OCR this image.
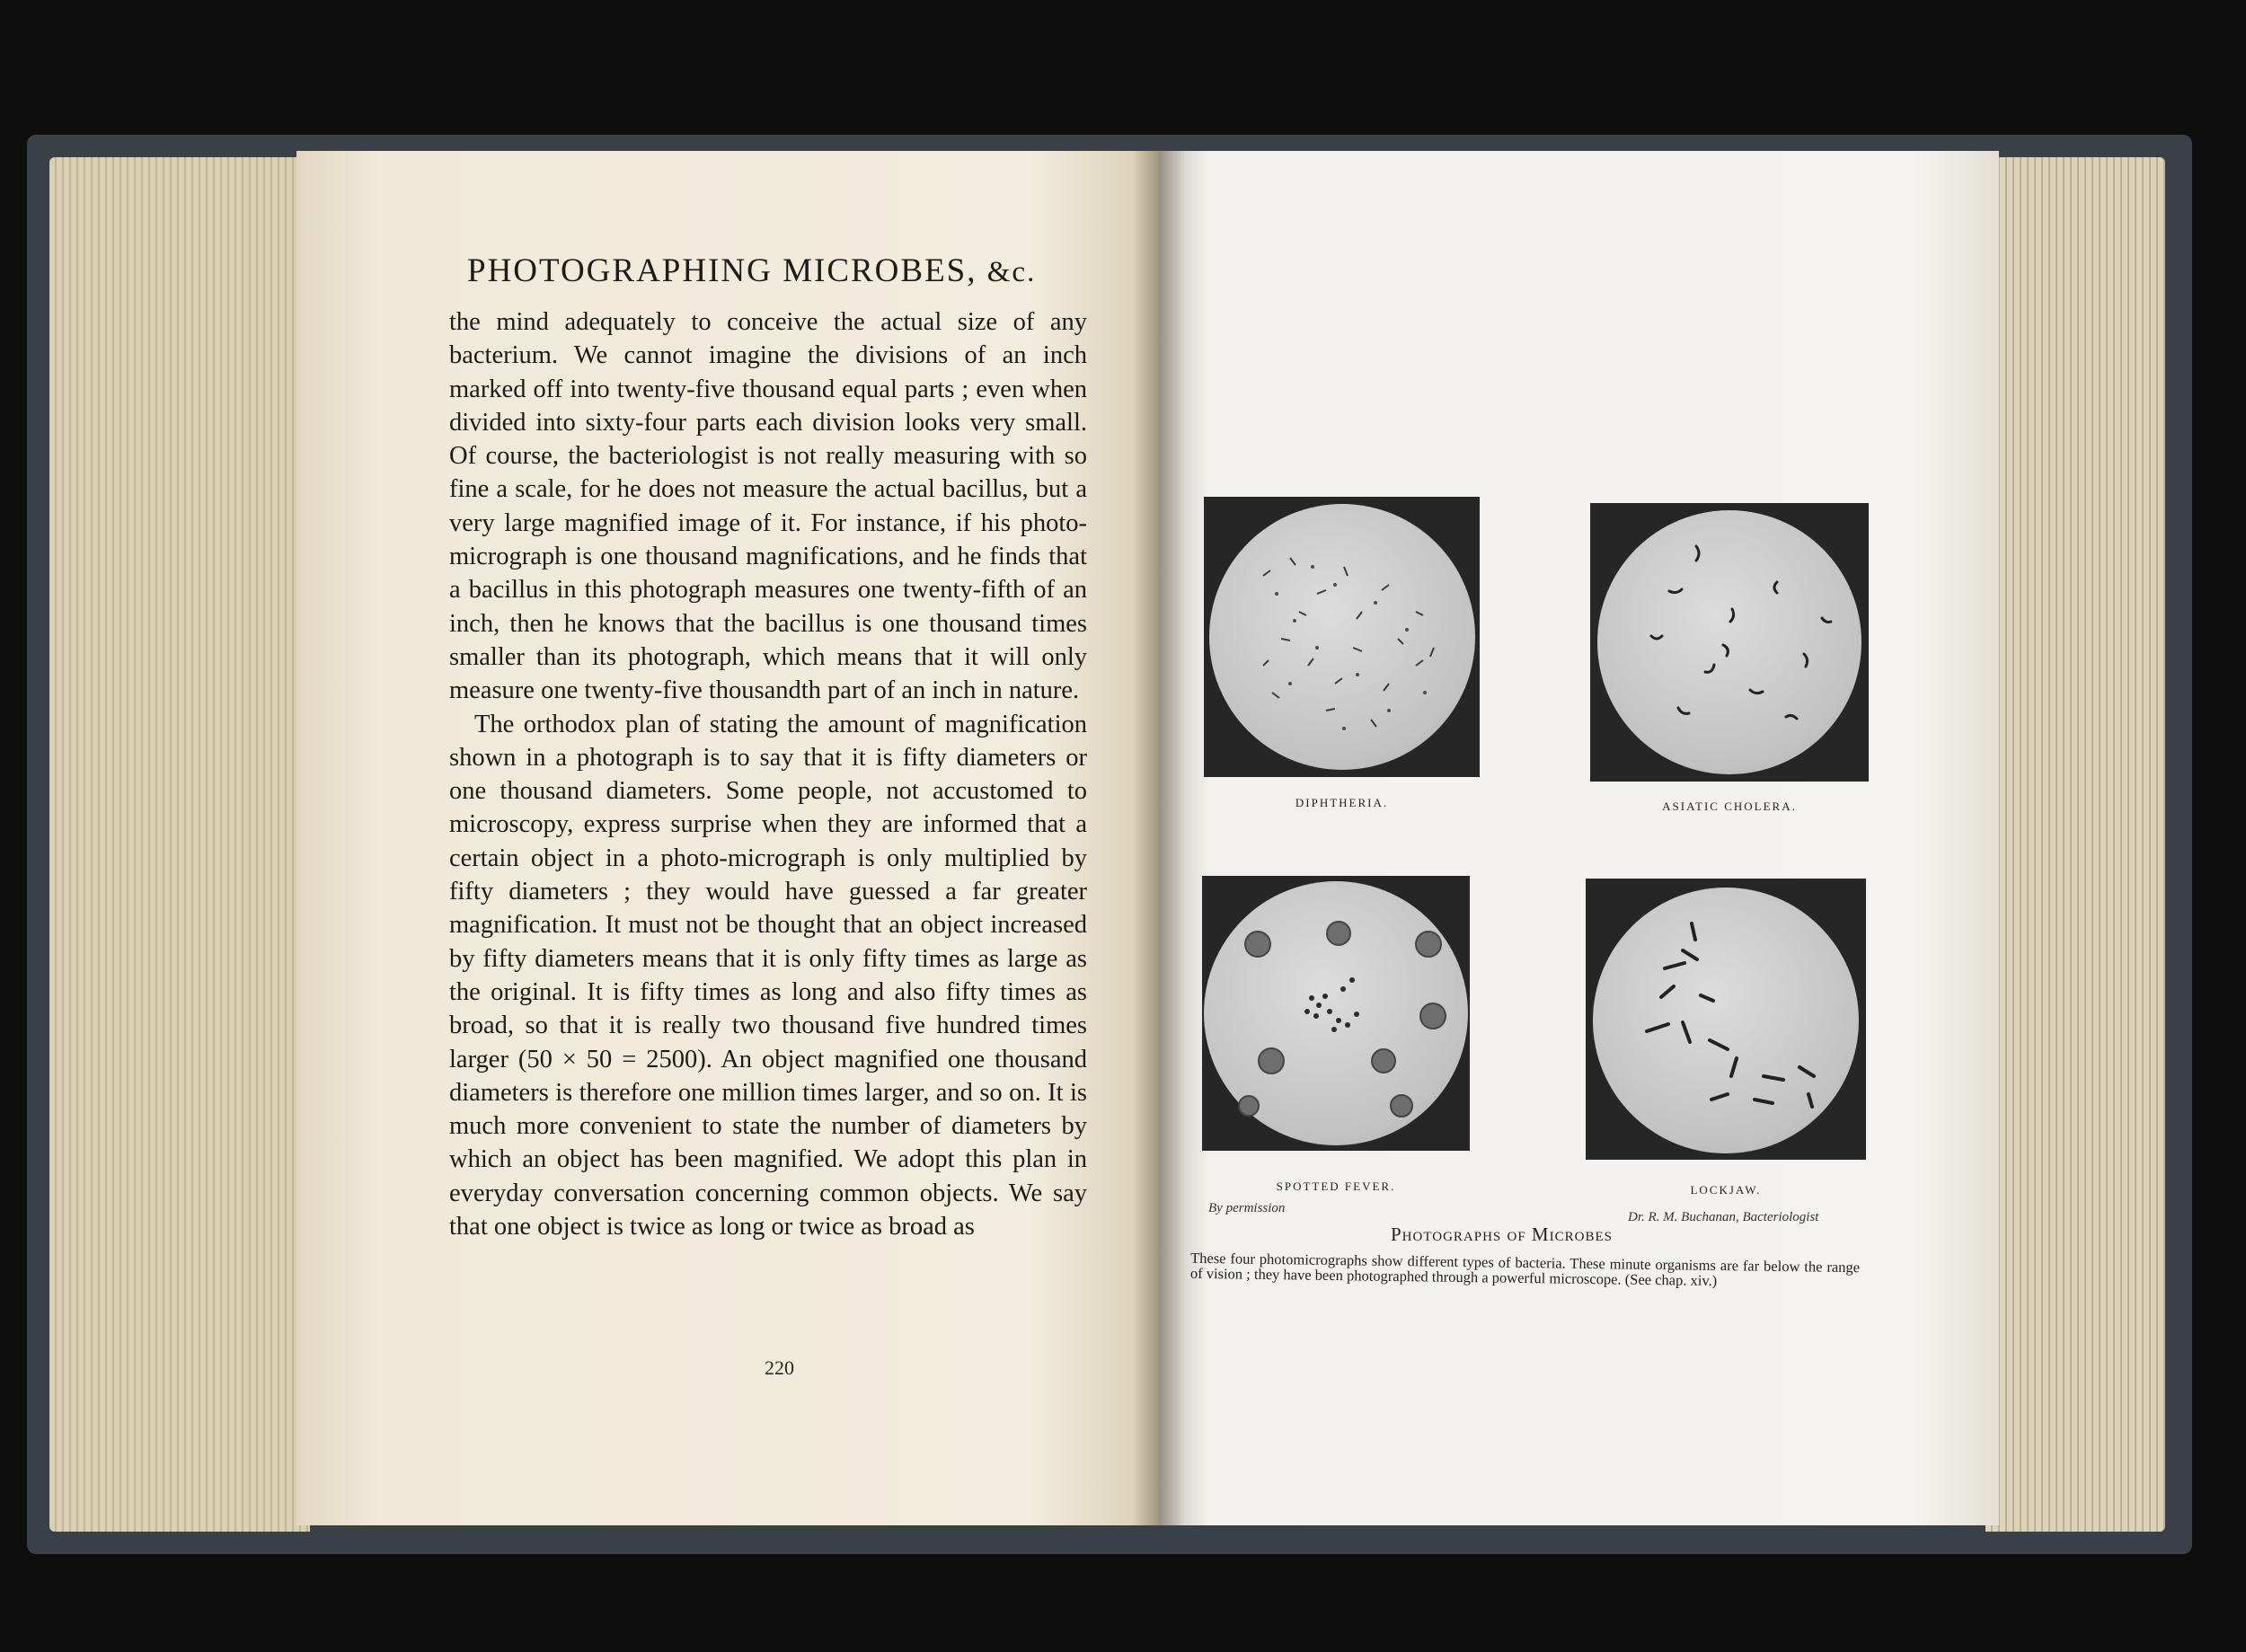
PHOTOGRAPHING MICROBES, &c.

the mind adequately to conceive the actual size of any bacterium. We cannot imagine the divisions of an inch marked off into twenty-five thousand equal parts ; even when divided into sixty-four parts each division looks very small. Of course, the bacteriologist is not really measuring with so fine a scale, for he does not measure the actual bacillus, but a very large magnified image of it. For instance, if his photo-micrograph is one thousand magnifications, and he finds that a bacillus in this photograph measures one twenty-fifth of an inch, then he knows that the bacillus is one thousand times smaller than its photograph, which means that it will only measure one twenty-five thousandth part of an inch in nature.

The orthodox plan of stating the amount of magnification shown in a photograph is to say that it is fifty diameters or one thousand diameters. Some people, not accustomed to microscopy, express surprise when they are informed that a certain object in a photo-micrograph is only multiplied by fifty diameters ; they would have guessed a far greater magnification. It must not be thought that an object increased by fifty diameters means that it is only fifty times as large as the original. It is fifty times as long and also fifty times as broad, so that it is really two thousand five hundred times larger (50 × 50 = 2500). An object magnified one thousand diameters is therefore one million times larger, and so on. It is much more convenient to state the number of diameters by which an object has been magnified. We adopt this plan in everyday conversation concerning common objects. We say that one object is twice as long or twice as broad as

220
DIPHTHERIA.	ASIATIC CHOLERA.
SPOTTED FEVER.	LOCKJAW.
By permission
Dr. R. M. Buchanan, Bacteriologist
Photographs of Microbes
These four photomicrographs show different types of bacteria. These minute organisms are far below the range of vision ; they have been photographed through a powerful microscope. (See chap. xiv.)
